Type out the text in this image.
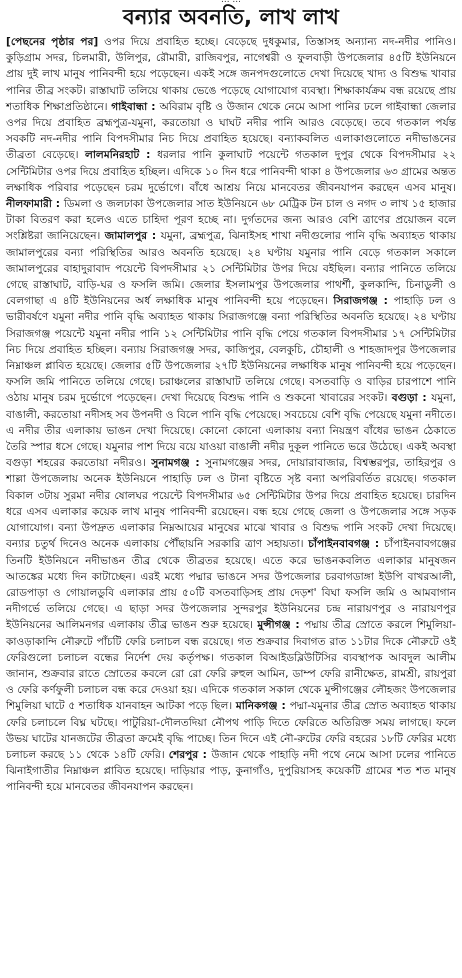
... ...
বন্যার অবনতি, লাখ লাখ
[পেছনের পৃষ্ঠার পর] ওপর দিয়ে প্রবাহিত হচ্ছে। বেড়েছে দুধকুমার, তিস্তাসহ অন্যান্য নদ-নদীর পানিও। কুড়িগ্রাম সদর, চিলমারী, উলিপুর, রৌমারী, রাজিবপুর, নাগেশ্বরী ও ফুলবাড়ী উপজেলার ৪৫টি ইউনিয়নে প্রায় দুই লাখ মানুষ পানিবন্দী হয়ে পড়েছেন। একই সঙ্গে জনপদগুলোতে দেখা দিয়েছে খাদ্য ও বিশুদ্ধ খাবার পানির তীব্র সংকট। রাস্তাঘাট তলিয়ে থাকায় ভেঙে পড়েছে যোগাযোগ ব্যবস্থা। শিক্ষাকার্যক্রম বন্ধ রয়েছে প্রায় শতাধিক শিক্ষাপ্রতিষ্ঠানে। গাইবান্ধা : অবিরাম বৃষ্টি ও উজান থেকে নেমে আসা পানির ঢলে গাইবান্ধা জেলার ওপর দিয়ে প্রবাহিত ব্রহ্মপুত্র-যমুনা, করতোয়া ও ঘাঘট নদীর পানি আরও বেড়েছে। তবে গতকাল পর্যন্ত সবকটি নদ-নদীর পানি বিপদসীমার নিচ দিয়ে প্রবাহিত হয়েছে। বন্যাকবলিত এলাকাগুলোতে নদীভাঙনের তীব্রতা বেড়েছে। লালমনিরহাট : ধরলার পানি কুলাঘাট পয়েন্টে গতকাল দুপুর থেকে বিপদসীমার ২২ সেন্টিমিটার ওপর দিয়ে প্রবাহিত হচ্ছিল। এদিকে ১০ দিন ধরে পানিবন্দী থাকা ৪ উপজেলার ৬৩ গ্রামের অন্তত লক্ষাধিক পরিবার পড়েছেন চরম দুর্ভোগে। বাঁধে আশ্রয় নিয়ে মানবেতর জীবনযাপন করছেন এসব মানুষ। নীলফামারী : ডিমলা ও জলঢাকা উপজেলার সাত ইউনিয়নে ৬৮ মেট্রিক টন চাল ও নগদ ৩ লাখ ১৫ হাজার টাকা বিতরণ করা হলেও এতে চাহিদা পূরণ হচ্ছে না। দুর্গতদের জন্য আরও বেশি ত্রাণের প্রয়োজন বলে সংশ্লিষ্টরা জানিয়েছেন। জামালপুর : যমুনা, ব্রহ্মপুত্র, ঝিনাইসহ শাখা নদীগুলোর পানি বৃদ্ধি অব্যাহত থাকায় জামালপুরের বন্যা পরিস্থিতির আরও অবনতি হয়েছে। ২৪ ঘণ্টায় যমুনার পানি বেড়ে গতকাল সকালে জামালপুরের বাহাদুরাবাদ পয়েন্টে বিপদসীমার ২১ সেন্টিমিটার উপর দিয়ে বইছিল। বন্যার পানিতে তলিয়ে গেছে রাস্তাঘাট, বাড়ি-ঘর ও ফসলি জমি। জেলার ইসলামপুর উপজেলার পাথর্শী, কুলকান্দি, চিনাডুলী ও বেলগাছা এ ৪টি ইউনিয়নের অর্ধ লক্ষাধিক মানুষ পানিবন্দী হয়ে পড়েছেন। সিরাজগঞ্জ : পাহাড়ি ঢল ও ভারীবর্ষণে যমুনা নদীর পানি বৃদ্ধি অব্যাহত থাকায় সিরাজগঞ্জে বন্যা পরিস্থিতির অবনতি হয়েছে। ২৪ ঘণ্টায় সিরাজগঞ্জ পয়েন্টে যমুনা নদীর পানি ১২ সেন্টিমিটার পানি বৃদ্ধি পেয়ে গতকাল বিপদসীমার ১৭ সেন্টিমিটার নিচ দিয়ে প্রবাহিত হচ্ছিল। বন্যায় সিরাজগঞ্জ সদর, কাজিপুর, বেলকুচি, চৌহালী ও শাহজাদপুর উপজেলার নিম্নাঞ্চল প্লাবিত হয়েছে। জেলার ৫টি উপজেলার ২৭টি ইউনিয়নের লক্ষাধিক মানুষ পানিবন্দী হয়ে পড়েছেন। ফসলি জমি পানিতে তলিয়ে গেছে। চরাঞ্চলের রাস্তাঘাট তলিয়ে গেছে। বসতবাড়ি ও বাড়ির চারপাশে পানি ওঠায় মানুষ চরম দুর্ভোগে পড়েছেন। দেখা দিয়েছে বিশুদ্ধ পানি ও শুকনো খাবারের সংকট। বগুড়া : যমুনা, বাঙালী, করতোয়া নদীসহ সব উপনদী ও বিলে পানি বৃদ্ধি পেয়েছে। সবচেয়ে বেশি বৃদ্ধি পেয়েছে যমুনা নদীতে। এ নদীর তীর এলাকায় ভাঙন দেখা দিয়েছে। কোনো কোনো এলাকায় বন্যা নিয়ন্ত্রণ বাঁধের ভাঙন ঠেকাতে তৈরি স্পার ধসে গেছে। যমুনার পাশ দিয়ে বয়ে যাওয়া বাঙালী নদীর দুকূল পানিতে ভরে উঠেছে। একই অবস্থা বগুড়া শহরের করতোয়া নদীরও। সুনামগঞ্জ : সুনামগঞ্জের সদর, দোয়ারাবাজার, বিশ্বম্ভরপুর, তাহিরপুর ও শাল্লা উপজেলায় অনেক ইউনিয়নে পাহাড়ি ঢল ও টানা বৃষ্টিতে সৃষ্ট বন্যা অপরিবর্তিত রয়েছে। গতকাল বিকাল ৩টায় সুরমা নদীর ষোলঘর পয়েন্টে বিপদসীমার ৬৫ সেন্টিমিটার উপর দিয়ে প্রবাহিত হয়েছে। চারদিন ধরে এসব এলাকার কয়েক লাখ মানুষ পানিবন্দী রয়েছেন। বন্ধ হয়ে গেছে জেলা ও উপজেলার সঙ্গে সড়ক যোগাযোগ। বন্যা উপদ্রুত এলাকার নিম্নআয়ের মানুষের মাঝে খাবার ও বিশুদ্ধ পানি সংকট দেখা দিয়েছে। বন্যার চতুর্থ দিনেও অনেক এলাকায় পৌঁছায়নি সরকারি ত্রাণ সহায়তা। চাঁপাইনবাবগঞ্জ : চাঁপাইনবাবগঞ্জের তিনটি ইউনিয়নে নদীভাঙন তীব্র থেকে তীব্রতর হয়েছে। এতে করে ভাঙনকবলিত এলাকার মানুষজন আতঙ্কের মধ্যে দিন কাটাচ্ছেন। এরই মধ্যে পদ্মার ভাঙনে সদর উপজেলার চরবাগডাঙ্গা ইউপি বাখরআলী, রোডপাড়া ও গোয়ালডুবি এলাকার প্রায় ৫০টি বসতবাড়িসহ প্রায় দেড়শ' বিঘা ফসলি জমি ও আমবাগান নদীগর্ভে তলিয়ে গেছে। এ ছাড়া সদর উপজেলার সুন্দরপুর ইউনিয়নের চন্দ্র নারায়ণপুর ও নারায়ণপুর ইউনিয়নের আলিমনগর এলাকায় তীব্র ভাঙন শুরু হয়েছে। মুন্সীগঞ্জ : পদ্মায় তীব্র স্রোতে করলে শিমুলিয়া-কাওড়াকান্দি নৌরুটে পাঁচটি ফেরি চলাচল বন্ধ রয়েছে। গত শুক্রবার দিবাগত রাত ১১টার দিকে নৌরুটে ওই ফেরিগুলো চলাচল বন্ধের নির্দেশ দেয় কর্তৃপক্ষ। গতকাল বিআইডব্লিউটিসির ব্যবস্থাপক আবদুল আলীম জানান, শুক্রবার রাতে স্রোতের কবলে রো রো ফেরি রুহুল আমিন, ডাম্প ফেরি রানীক্ষেত, রামশ্রী, রায়পুরা ও ফেরি কর্ণফুলী চলাচল বন্ধ করে দেওয়া হয়। এদিকে গতকাল সকাল থেকে মুন্সীগঞ্জের লৌহজং উপজেলার শিমুলিয়া ঘাটে ৫ শতাধিক যানবাহন আটকা পড়ে ছিল। মানিকগঞ্জ : পদ্মা-যমুনার তীব্র স্রোত অব্যাহত থাকায় ফেরি চলাচলে বিঘ্ন ঘটছে। পাটুরিয়া-দৌলতদিয়া নৌপথ পাড়ি দিতে ফেরিতে অতিরিক্ত সময় লাগছে। ফলে উভয় ঘাটের যানজটের তীব্রতা ক্রমেই বৃদ্ধি পাচ্ছে। তিন দিনে এই নৌ-রুটের ফেরি বহরের ১৮টি ফেরির মধ্যে চলাচল করছে ১১ থেকে ১৪টি ফেরি। শেরপুর : উজান থেকে পাহাড়ি নদী পথে নেমে আসা ঢলের পানিতে ঝিনাইগাতীর নিম্নাঞ্চল প্লাবিত হয়েছে। দাড়িয়ার পাড়, কুনাগাঁও, দুপুরিয়াসহ কয়েকটি গ্রামের শত শত মানুষ পানিবন্দী হয়ে মানবেতর জীবনযাপন করছেন।
